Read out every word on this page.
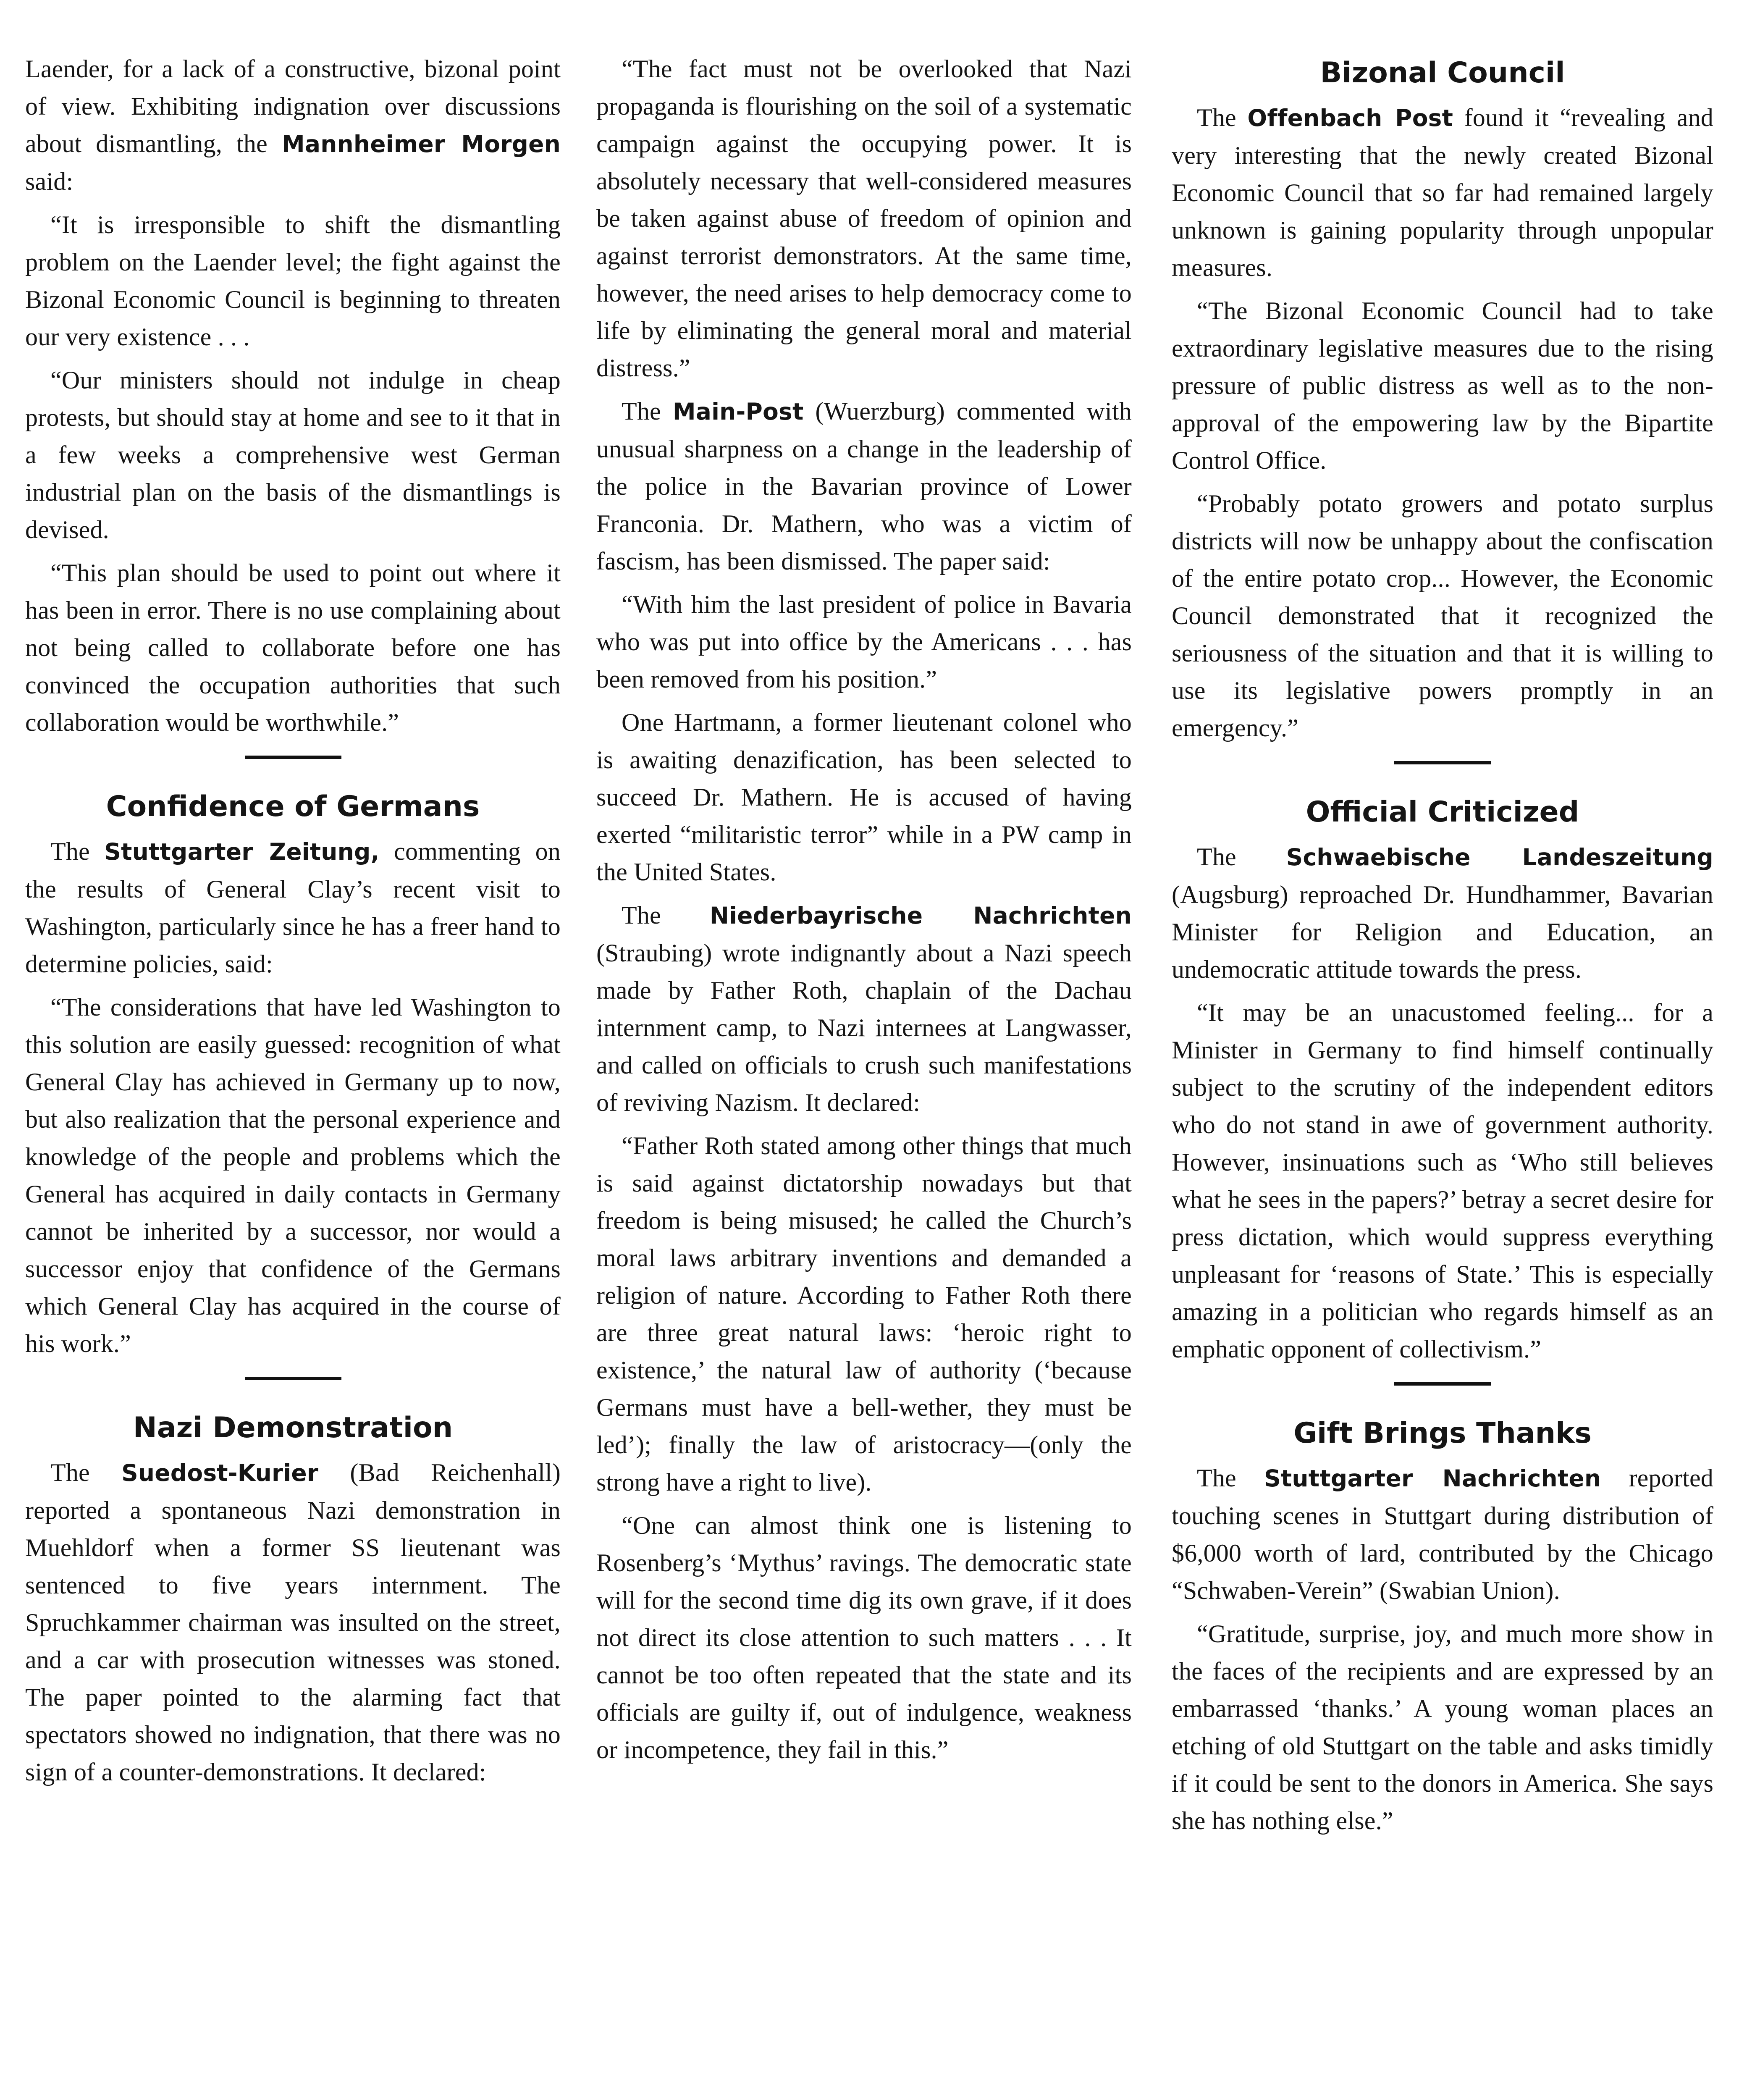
Laender, for a lack of a constructive, bizonal point of view. Exhibiting indignation over discussions about dismantling, the Mannheimer Morgen said:

“It is irresponsible to shift the dismantling problem on the Laender level; the fight against the Bizonal Economic Council is beginning to threaten our very existence . . .

“Our ministers should not indulge in cheap protests, but should stay at home and see to it that in a few weeks a comprehensive west German industrial plan on the basis of the dismantlings is devised.

“This plan should be used to point out where it has been in error. There is no use complaining about not being called to collaborate before one has convinced the occupation authorities that such collaboration would be worthwhile.”

Confidence of Germans

The Stuttgarter Zeitung, commenting on the results of General Clay’s recent visit to Washington, particularly since he has a freer hand to determine policies, said:

“The considerations that have led Washington to this solution are easily guessed: recognition of what General Clay has achieved in Germany up to now, but also realization that the personal experience and knowledge of the people and problems which the General has acquired in daily contacts in Germany cannot be inherited by a successor, nor would a successor enjoy that confidence of the Germans which General Clay has acquired in the course of his work.”

Nazi Demonstration

The Suedost-Kurier (Bad Reichenhall) reported a spontaneous Nazi demonstration in Muehldorf when a former SS lieutenant was sentenced to five years internment. The Spruchkammer chairman was insulted on the street, and a car with prosecution witnesses was stoned. The paper pointed to the alarming fact that spectators showed no indignation, that there was no sign of a counter-demonstrations. It declared:

“The fact must not be overlooked that Nazi propaganda is flourishing on the soil of a systematic campaign against the occupying power. It is absolutely necessary that well-considered measures be taken against abuse of freedom of opinion and against terrorist demonstrators. At the same time, however, the need arises to help democracy come to life by eliminating the general moral and material distress.”

The Main-Post (Wuerzburg) commented with unusual sharpness on a change in the leadership of the police in the Bavarian province of Lower Franconia. Dr. Mathern, who was a victim of fascism, has been dismissed. The paper said:

“With him the last president of police in Bavaria who was put into office by the Americans . . . has been removed from his position.”

One Hartmann, a former lieutenant colonel who is awaiting denazification, has been selected to succeed Dr. Mathern. He is accused of having exerted “militaristic terror” while in a PW camp in the United States.

The Niederbayrische Nachrichten (Straubing) wrote indignantly about a Nazi speech made by Father Roth, chaplain of the Dachau internment camp, to Nazi internees at Langwasser, and called on officials to crush such manifestations of reviving Nazism. It declared:

“Father Roth stated among other things that much is said against dictatorship nowadays but that freedom is being misused; he called the Church’s moral laws arbitrary inventions and demanded a religion of nature. According to Father Roth there are three great natural laws: ‘heroic right to existence,’ the natural law of authority (‘because Germans must have a bell-wether, they must be led’); finally the law of aristocracy—(only the strong have a right to live).

“One can almost think one is listening to Rosenberg’s ‘Mythus’ ravings. The democratic state will for the second time dig its own grave, if it does not direct its close attention to such matters . . . It cannot be too often repeated that the state and its officials are guilty if, out of indulgence, weakness or incompetence, they fail in this.”

Bizonal Council

The Offenbach Post found it “revealing and very interesting that the newly created Bizonal Economic Council that so far had remained largely unknown is gaining popularity through unpopular measures.

“The Bizonal Economic Council had to take extraordinary legislative measures due to the rising pressure of public distress as well as to the non-approval of the empowering law by the Bipartite Control Office.

“Probably potato growers and potato surplus districts will now be unhappy about the confiscation of the entire potato crop... However, the Economic Council demonstrated that it recognized the seriousness of the situation and that it is willing to use its legislative powers promptly in an emergency.”

Official Criticized

The Schwaebische Landeszeitung (Augsburg) reproached Dr. Hundhammer, Bavarian Minister for Religion and Education, an undemocratic attitude towards the press.

“It may be an unacustomed feeling... for a Minister in Germany to find himself continually subject to the scrutiny of the independent editors who do not stand in awe of government authority. However, insinuations such as ‘Who still believes what he sees in the papers?’ betray a secret desire for press dictation, which would suppress everything unpleasant for ‘reasons of State.’ This is especially amazing in a politician who regards himself as an emphatic opponent of collectivism.”

Gift Brings Thanks

The Stuttgarter Nachrichten reported touching scenes in Stuttgart during distribution of $6,000 worth of lard, contributed by the Chicago “Schwaben-Verein” (Swabian Union).

“Gratitude, surprise, joy, and much more show in the faces of the recipients and are expressed by an embarrassed ‘thanks.’ A young woman places an etching of old Stuttgart on the table and asks timidly if it could be sent to the donors in America. She says she has nothing else.”
